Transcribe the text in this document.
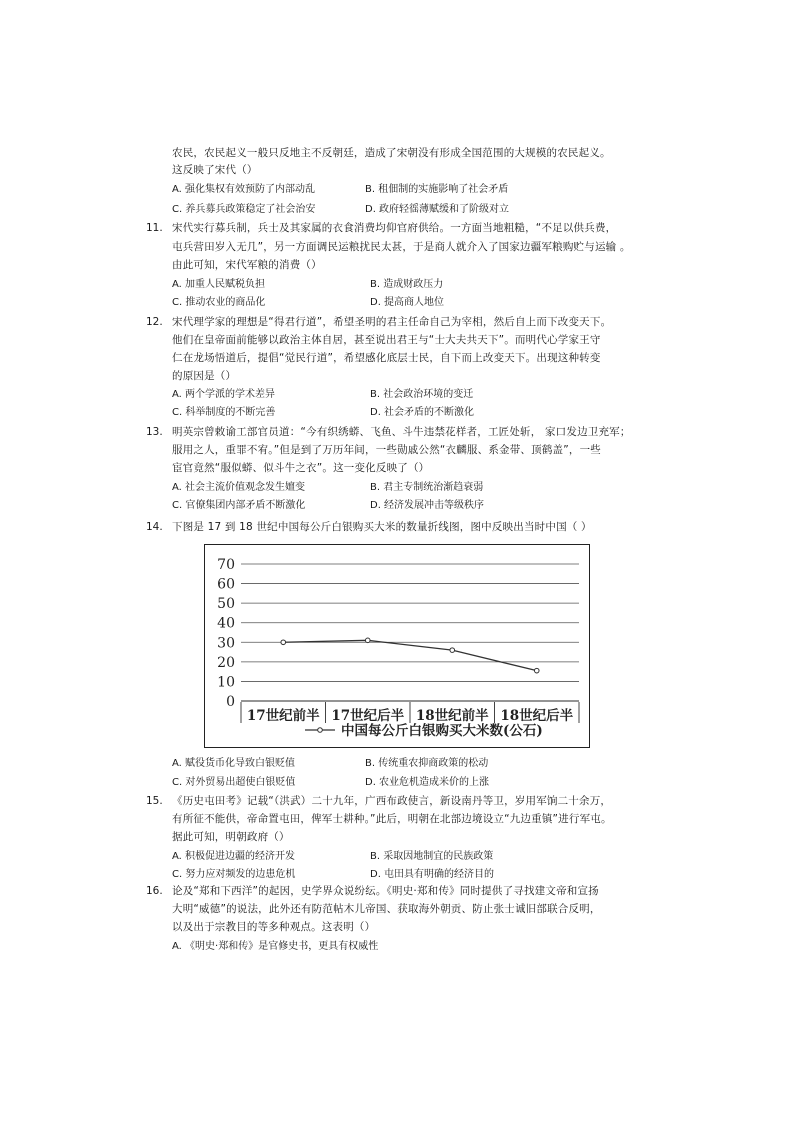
农民，农民起义一般只反地主不反朝廷，造成了宋朝没有形成全国范围的大规模的农民起义。
这反映了宋代（）
A. 强化集权有效预防了内部动乱	B. 租佃制的实施影响了社会矛盾
C. 养兵募兵政策稳定了社会治安	D. 政府轻徭薄赋缓和了阶级对立
11. 宋代实行募兵制，兵士及其家属的衣食消费均仰官府供给。一方面当地粗糙，“不足以供兵费，
屯兵营田岁入无几”，另一方面调民运粮扰民太甚，于是商人就介入了国家边疆军粮购贮与运输 。
由此可知，宋代军粮的消费（）
A. 加重人民赋税负担	B. 造成财政压力
C. 推动农业的商品化	D. 提高商人地位
12. 宋代理学家的理想是“得君行道”，希望圣明的君主任命自己为宰相，然后自上而下改变天下。
他们在皇帝面前能够以政治主体自居，甚至说出君王与“士大夫共天下”。而明代心学家王守
仁在龙场悟道后，提倡“觉民行道”，希望感化底层士民，自下而上改变天下。出现这种转变
的原因是（）
A. 两个学派的学术差异	B. 社会政治环境的变迁
C. 科举制度的不断完善	D. 社会矛盾的不断激化
13. 明英宗曾敕谕工部官员道：“今有织绣蟒、飞鱼、斗牛违禁花样者，工匠处斩， 家口发边卫充军；
服用之人，重罪不宥。”但是到了万历年间，一些勋戚公然“衣麟服、系金带、顶鹤盖”，一些
宦官竟然“服似蟒、似斗牛之衣”。这一变化反映了（）
A. 社会主流价值观念发生嬗变	B. 君主专制统治渐趋衰弱
C. 官僚集团内部矛盾不断激化	D. 经济发展冲击等级秩序
14. 下图是 17 到 18 世纪中国每公斤白银购买大米的数量折线图，图中反映出当时中国（ ）
0
10
20
30
40
50
60
70
17世纪前半 17世纪后半 18世纪前半 18世纪后半
中国每公斤白银购买大米数(公石)
A. 赋役货币化导致白银贬值	B. 传统重农抑商政策的松动
C. 对外贸易出超使白银贬值	D. 农业危机造成米价的上涨
15. 《历史屯田考》记载“（洪武）二十九年，广西布政使言，新设南丹等卫，岁用军饷二十余万，
有所征不能供，帝命置屯田，俾军士耕种。”此后，明朝在北部边境设立“九边重镇”进行军屯。
据此可知，明朝政府（）
A. 积极促进边疆的经济开发	B. 采取因地制宜的民族政策
C. 努力应对频发的边患危机	D. 屯田具有明确的经济目的
16. 论及“郑和下西洋”的起因，史学界众说纷纭。《明史·郑和传》同时提供了寻找建文帝和宣扬
大明“威德”的说法，此外还有防范帖木儿帝国、获取海外朝贡、防止张士诚旧部联合反明，
以及出于宗教目的等多种观点。这表明（）
A. 《明史·郑和传》是官修史书，更具有权威性
